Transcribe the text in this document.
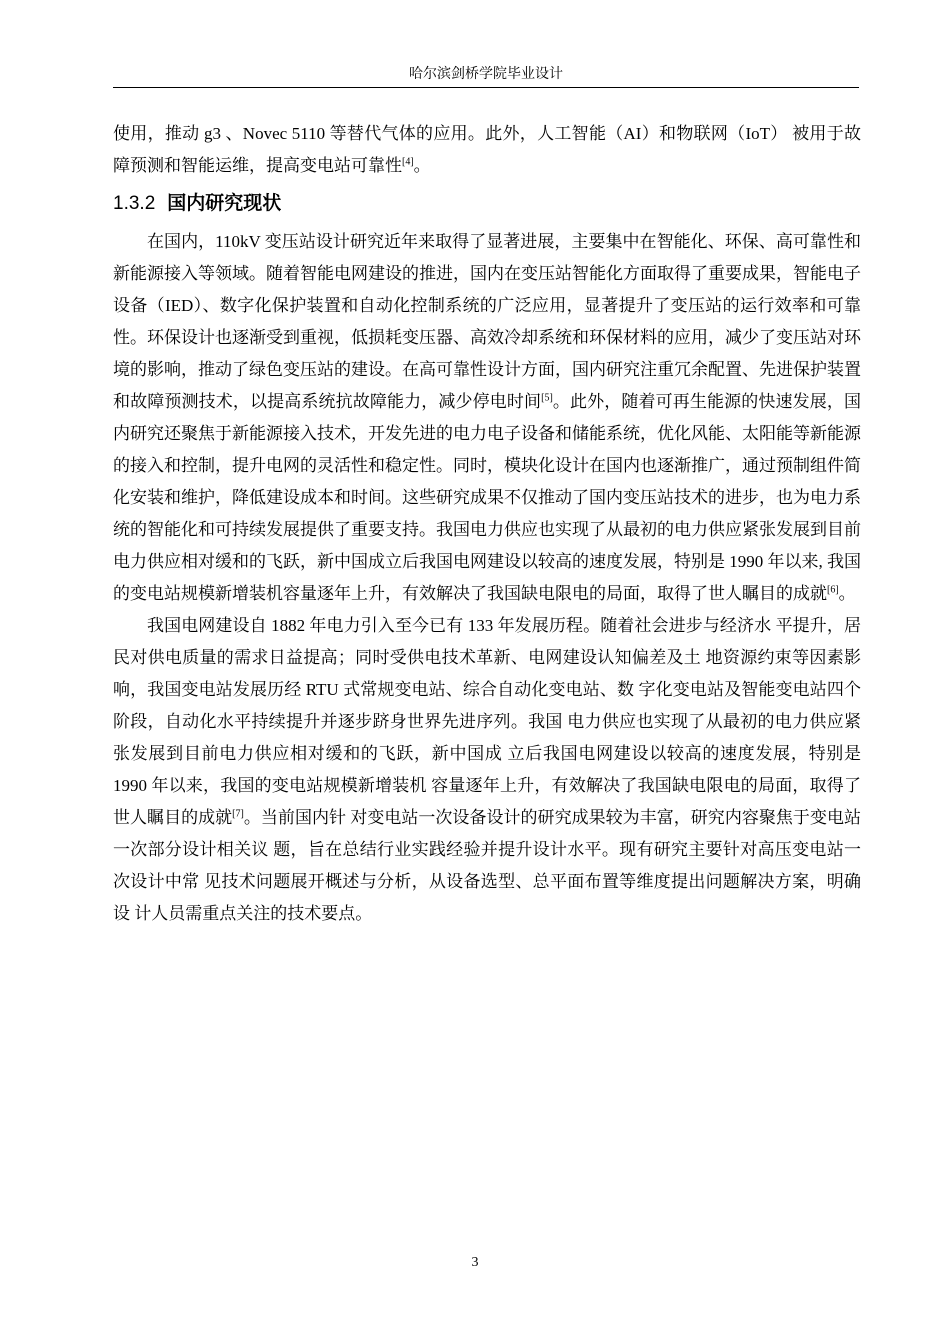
哈尔滨剑桥学院毕业设计

使用，推动 g3 、Novec 5110 等替代气体的应用。此外，人工智能（AI）和物联网（IoT） 被用于故障预测和智能运维，提高变电站可靠性[4]。

1.3.2 国内研究现状

在国内，110kV 变压站设计研究近年来取得了显著进展，主要集中在智能化、环保、高可靠性和新能源接入等领域。随着智能电网建设的推进，国内在变压站智能化方面取得了重要成果，智能电子设备（IED）、数字化保护装置和自动化控制系统的广泛应用，显著提升了变压站的运行效率和可靠性。环保设计也逐渐受到重视，低损耗变压器、高效冷却系统和环保材料的应用，减少了变压站对环境的影响，推动了绿色变压站的建设。在高可靠性设计方面，国内研究注重冗余配置、先进保护装置和故障预测技术，以提高系统抗故障能力，减少停电时间[5]。此外，随着可再生能源的快速发展，国内研究还聚焦于新能源接入技术，开发先进的电力电子设备和储能系统，优化风能、太阳能等新能源的接入和控制，提升电网的灵活性和稳定性。同时，模块化设计在国内也逐渐推广，通过预制组件简化安装和维护，降低建设成本和时间。这些研究成果不仅推动了国内变压站技术的进步，也为电力系统的智能化和可持续发展提供了重要支持。我国电力供应也实现了从最初的电力供应紧张发展到目前电力供应相对缓和的飞跃，新中国成立后我国电网建设以较高的速度发展，特别是 1990 年以来, 我国的变电站规模新增装机容量逐年上升，有效解决了我国缺电限电的局面，取得了世人瞩目的成就[6]。

我国电网建设自 1882 年电力引入至今已有 133 年发展历程。随着社会进步与经济水 平提升，居民对供电质量的需求日益提高；同时受供电技术革新、电网建设认知偏差及土 地资源约束等因素影响，我国变电站发展历经 RTU 式常规变电站、综合自动化变电站、数 字化变电站及智能变电站四个阶段，自动化水平持续提升并逐步跻身世界先进序列。我国 电力供应也实现了从最初的电力供应紧张发展到目前电力供应相对缓和的飞跃，新中国成 立后我国电网建设以较高的速度发展，特别是 1990 年以来，我国的变电站规模新增装机 容量逐年上升，有效解决了我国缺电限电的局面，取得了世人瞩目的成就[7]。当前国内针 对变电站一次设备设计的研究成果较为丰富，研究内容聚焦于变电站一次部分设计相关议 题，旨在总结行业实践经验并提升设计水平。现有研究主要针对高压变电站一次设计中常 见技术问题展开概述与分析，从设备选型、总平面布置等维度提出问题解决方案，明确设 计人员需重点关注的技术要点。

3
